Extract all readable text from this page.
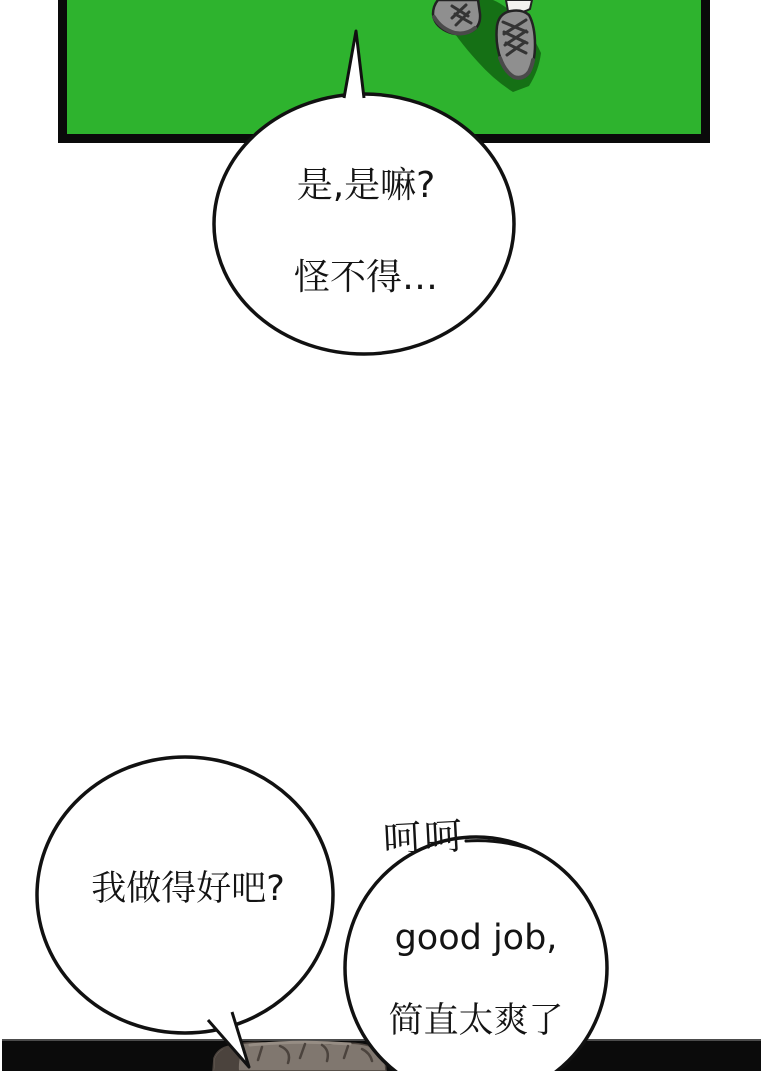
是,是嘛?

怪不得…
我做得好吧?
good job,

简直太爽了
呵呵
